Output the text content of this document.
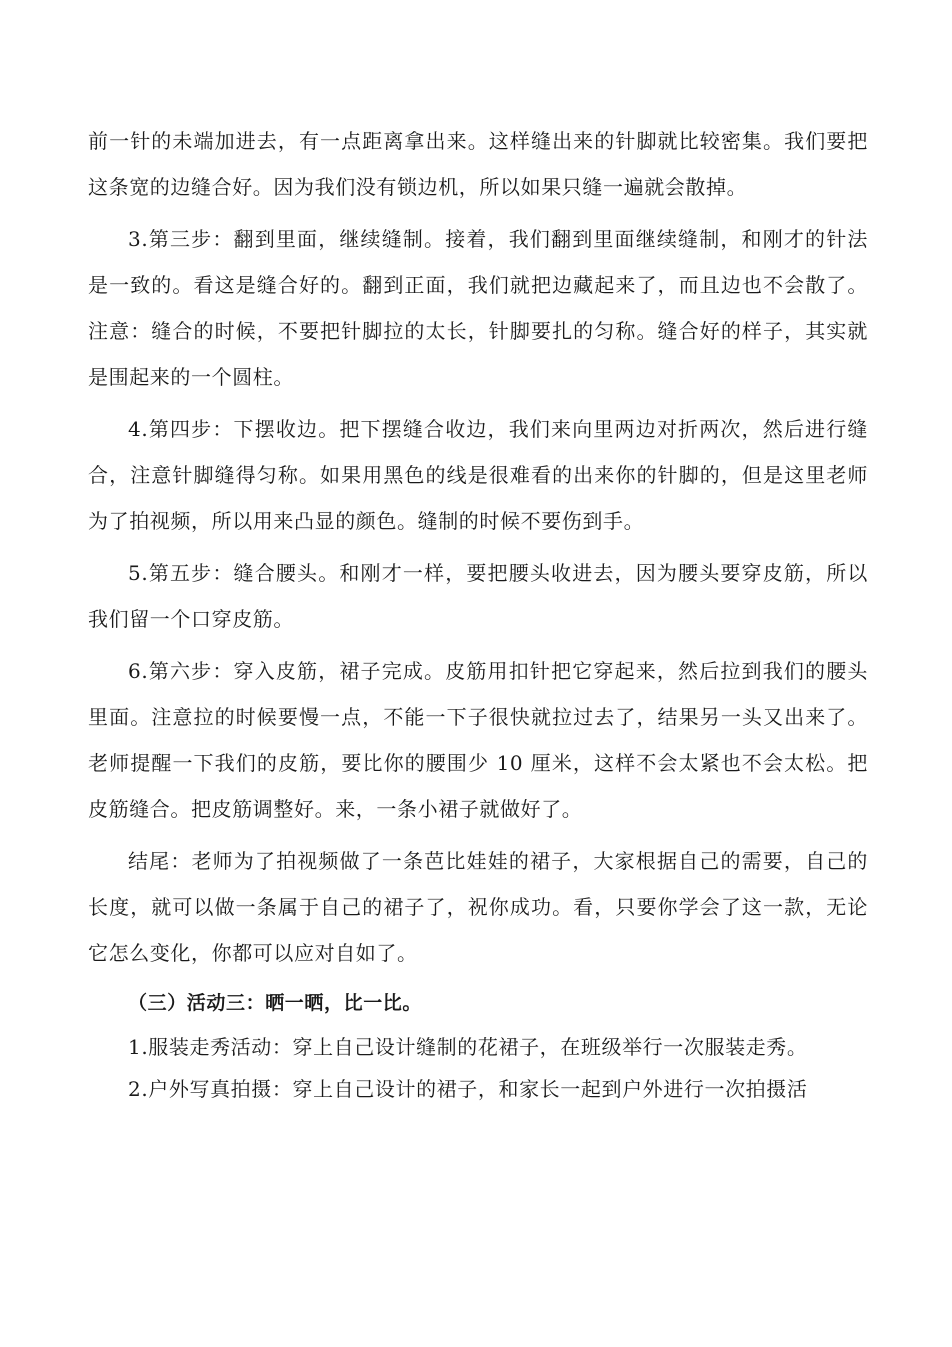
前一针的未端加进去，有一点距离拿出来。这样缝出来的针脚就比较密集。我们要把这条宽的边缝合好。因为我们没有锁边机，所以如果只缝一遍就会散掉。

3.第三步：翻到里面，继续缝制。接着，我们翻到里面继续缝制，和刚才的针法是一致的。看这是缝合好的。翻到正面，我们就把边藏起来了，而且边也不会散了。注意：缝合的时候，不要把针脚拉的太长，针脚要扎的匀称。缝合好的样子，其实就是围起来的一个圆柱。

4.第四步：下摆收边。把下摆缝合收边，我们来向里两边对折两次，然后进行缝合，注意针脚缝得匀称。如果用黑色的线是很难看的出来你的针脚的，但是这里老师为了拍视频，所以用来凸显的颜色。缝制的时候不要伤到手。

5.第五步：缝合腰头。和刚才一样，要把腰头收进去，因为腰头要穿皮筋，所以我们留一个口穿皮筋。

6.第六步：穿入皮筋，裙子完成。皮筋用扣针把它穿起来，然后拉到我们的腰头里面。注意拉的时候要慢一点，不能一下子很快就拉过去了，结果另一头又出来了。老师提醒一下我们的皮筋，要比你的腰围少 10 厘米，这样不会太紧也不会太松。把皮筋缝合。把皮筋调整好。来，一条小裙子就做好了。

结尾：老师为了拍视频做了一条芭比娃娃的裙子，大家根据自己的需要，自己的长度，就可以做一条属于自己的裙子了，祝你成功。看，只要你学会了这一款，无论它怎么变化，你都可以应对自如了。

（三）活动三：晒一晒，比一比。

1.服装走秀活动：穿上自己设计缝制的花裙子，在班级举行一次服装走秀。

2.户外写真拍摄：穿上自己设计的裙子，和家长一起到户外进行一次拍摄活
